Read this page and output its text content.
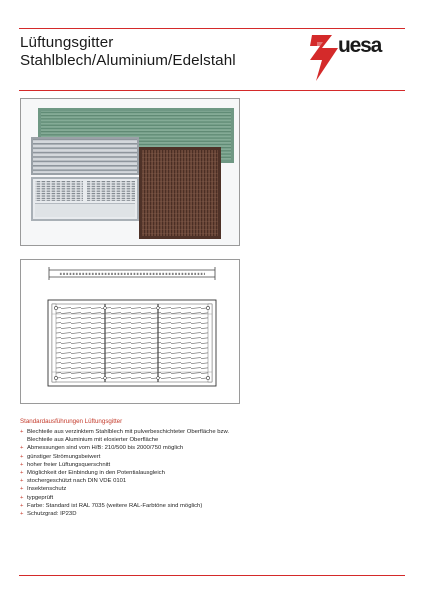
Lüftungsgitter
Stahlblech/Aluminium/Edelstahl
uesa
Standardausführungen Lüftungsgitter
+ Blechteile aus verzinktem Stahlblech mit pulverbeschichteter Oberfläche bzw.
Blechteile aus Aluminium mit eloxierter Oberfläche
+ Abmessungen sind vom H/B: 210/500 bis 2000/750 möglich
+ günstiger Strömungsbeiwert
+ hoher freier Lüftungsquerschnitt
+ Möglichkeit der Einbindung in den Potentialausgleich
+ stochergeschützt nach DIN VDE 0101
+ Insektenschutz
+ typgeprüft
+ Farbe: Standard ist RAL 7035 (weitere RAL-Farbtöne sind möglich)
+ Schutzgrad: IP23D
